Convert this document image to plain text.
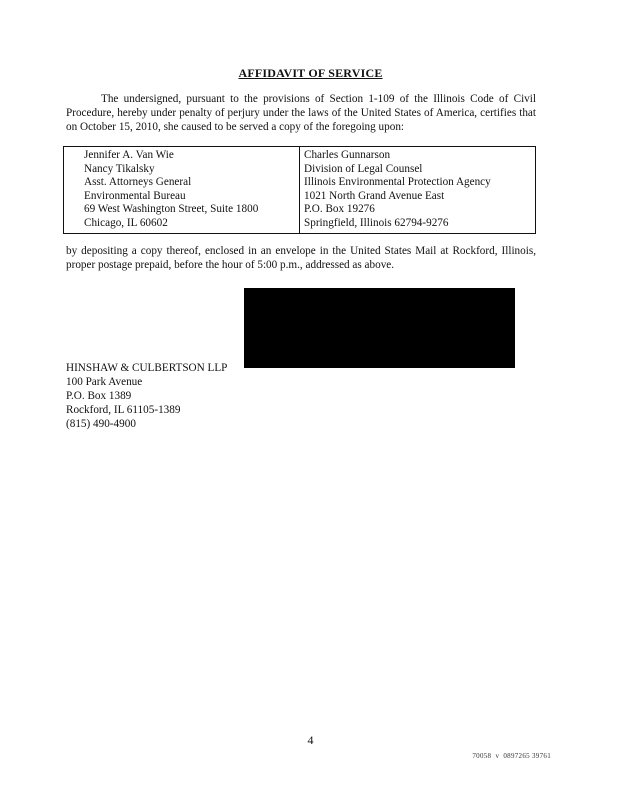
AFFIDAVIT OF SERVICE

The undersigned, pursuant to the provisions of Section 1-109 of the Illinois Code of Civil Procedure, hereby under penalty of perjury under the laws of the United States of America, certifies that on October 15, 2010, she caused to be served a copy of the foregoing upon:

Jennifer A. Van Wie
Nancy Tikalsky
Asst. Attorneys General
Environmental Bureau
69 West Washington Street, Suite 1800
Chicago, IL 60602

Charles Gunnarson
Division of Legal Counsel
Illinois Environmental Protection Agency
1021 North Grand Avenue East
P.O. Box 19276
Springfield, Illinois 62794-9276

by depositing a copy thereof, enclosed in an envelope in the United States Mail at Rockford, Illinois, proper postage prepaid, before the hour of 5:00 p.m., addressed as above.

HINSHAW & CULBERTSON LLP
100 Park Avenue
P.O. Box 1389
Rockford, IL 61105-1389
(815) 490-4900
4
70058  v  0897265 39761
